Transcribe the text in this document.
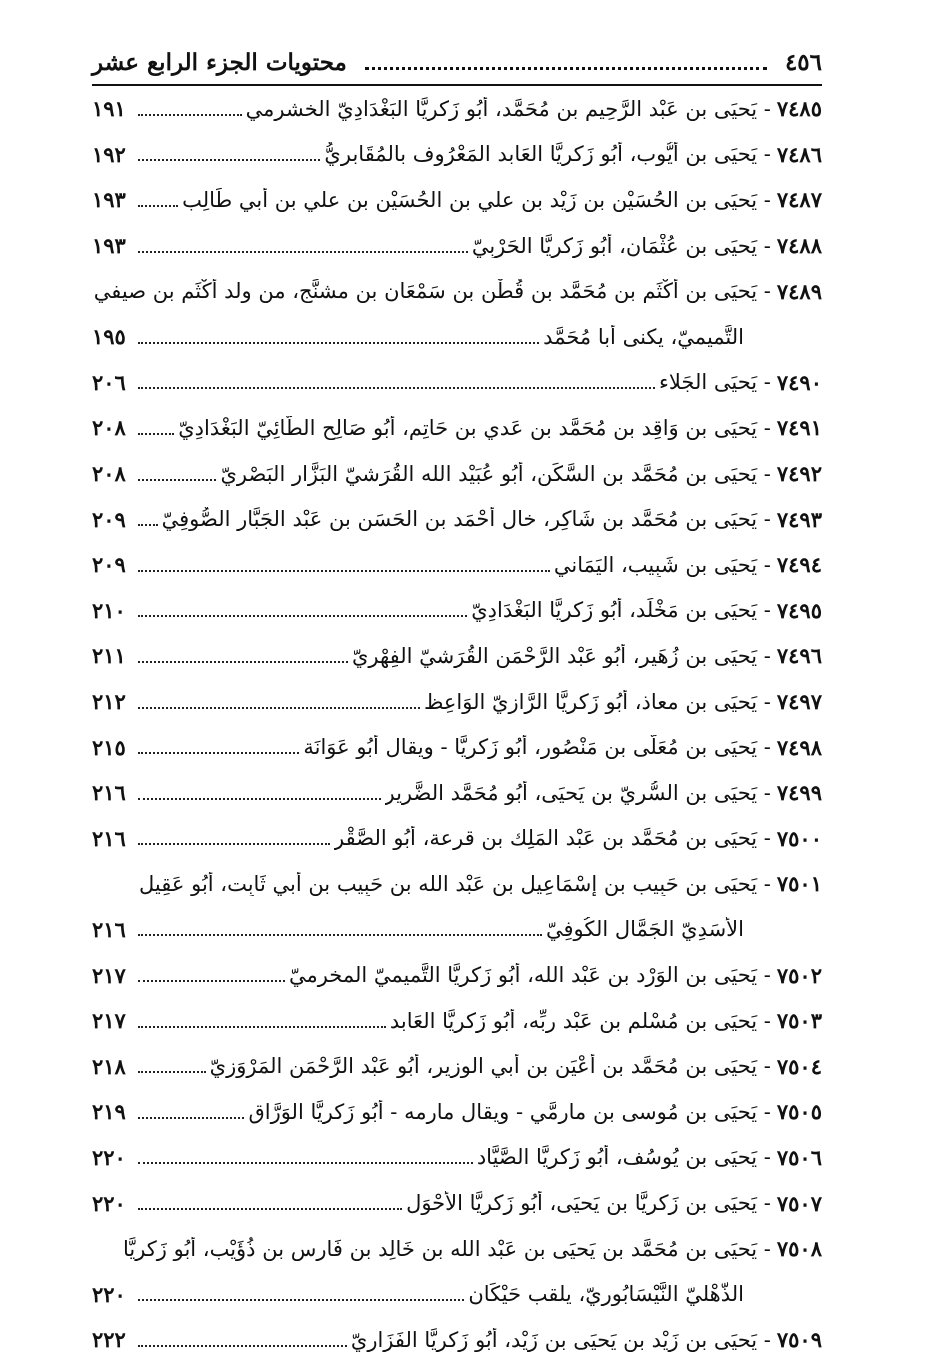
٤٥٦
محتويات الجزء الرابع عشر
٧٤٨٥
- يَحيَى بن عَبْد الرَّحِيم بن مُحَمَّد، أَبُو زَكريَّا البَغْدَادِيّ الخشرمي
١٩١
٧٤٨٦
- يَحيَى بن أَيُّوب، أَبُو زَكريَّا العَابد المَعْرُوف بالمُقَابريُّ
١٩٢
٧٤٨٧
- يَحيَى بن الحُسَيْن بن زَيْد بن علي بن الحُسَيْن بن علي بن أبي طَالِب
١٩٣
٧٤٨٨
- يَحيَى بن عُثْمَان، أَبُو زَكريَّا الحَرْبِيّ
١٩٣
٧٤٨٩
- يَحيَى بن أَكْثَم بن مُحَمَّد بن قُطْن بن سَمْعَان بن مشنَّج، من ولد أَكْثَم بن صيفي
التَّميميّ، يكنى أبا مُحَمَّد
١٩٥
٧٤٩٠
- يَحيَى الجَلاء
٢٠٦
٧٤٩١
- يَحيَى بن وَاقِد بن مُحَمَّد بن عَدي بن حَاتِم، أَبُو صَالِح الطَّائِيّ البَغْدَادِيّ
٢٠٨
٧٤٩٢
- يَحيَى بن مُحَمَّد بن السَّكَن، أَبُو عُبَيْد الله القُرَشيّ البَزَّار البَصْرِيّ
٢٠٨
٧٤٩٣
- يَحيَى بن مُحَمَّد بن شَاكِر، خال أَحْمَد بن الحَسَن بن عَبْد الجَبَّار الصُّوفِيّ
٢٠٩
٧٤٩٤
- يَحيَى بن شَبِيب، اليَمَاني
٢٠٩
٧٤٩٥
- يَحيَى بن مَخْلَد، أَبُو زَكريَّا البَغْدَادِيّ
٢١٠
٧٤٩٦
- يَحيَى بن زُهَير، أَبُو عَبْد الرَّحْمَن القُرَشيّ الفِهْرِيّ
٢١١
٧٤٩٧
- يَحيَى بن معاذ، أَبُو زَكريَّا الرَّازِيّ الوَاعِظ
٢١٢
٧٤٩٨
- يَحيَى بن مُعَلَّى بن مَنْصُور، أَبُو زَكريَّا - ويقال أَبُو عَوَانَة
٢١٥
٧٤٩٩
- يَحيَى بن السُّرِيّ بن يَحيَى، أَبُو مُحَمَّد الضَّرِير
٢١٦
٧٥٠٠
- يَحيَى بن مُحَمَّد بن عَبْد المَلِك بن قرعة، أَبُو الصَّقْر
٢١٦
٧٥٠١
- يَحيَى بن حَبِيب بن إسْمَاعِيل بن عَبْد الله بن حَبِيب بن أبي ثَابِت، أَبُو عَقِيل
الأَسَدِيّ الجَمَّال الكُوفِيّ
٢١٦
٧٥٠٢
- يَحيَى بن الوَرْد بن عَبْد الله، أَبُو زَكريَّا التَّميميّ المخرميّ
٢١٧
٧٥٠٣
- يَحيَى بن مُسْلم بن عَبْد ربِّه، أَبُو زَكريَّا العَابد
٢١٧
٧٥٠٤
- يَحيَى بن مُحَمَّد بن أَعْيَن بن أبي الوزير، أَبُو عَبْد الرَّحْمَن المَرْوَزِيّ
٢١٨
٧٥٠٥
- يَحيَى بن مُوسى بن مارمَّي - ويقال مارمه - أَبُو زَكريَّا الوَرَّاق
٢١٩
٧٥٠٦
- يَحيَى بن يُوسُف، أَبُو زَكريَّا الصَّيَّاد
٢٢٠
٧٥٠٧
- يَحيَى بن زَكريَّا بن يَحيَى، أَبُو زَكريَّا الأَحْوَل
٢٢٠
٧٥٠٨
- يَحيَى بن مُحَمَّد بن يَحيَى بن عَبْد الله بن خَالِد بن فَارِس بن ذُؤَيْب، أَبُو زَكريَّا
الذُّهْليّ النَّيْسَابُورِيّ، يلقب حَيْكَان
٢٢٠
٧٥٠٩
- يَحيَى بن زَيْد بن يَحيَى بن زَيْد، أَبُو زَكريَّا الفَزَارِيّ
٢٢٢
